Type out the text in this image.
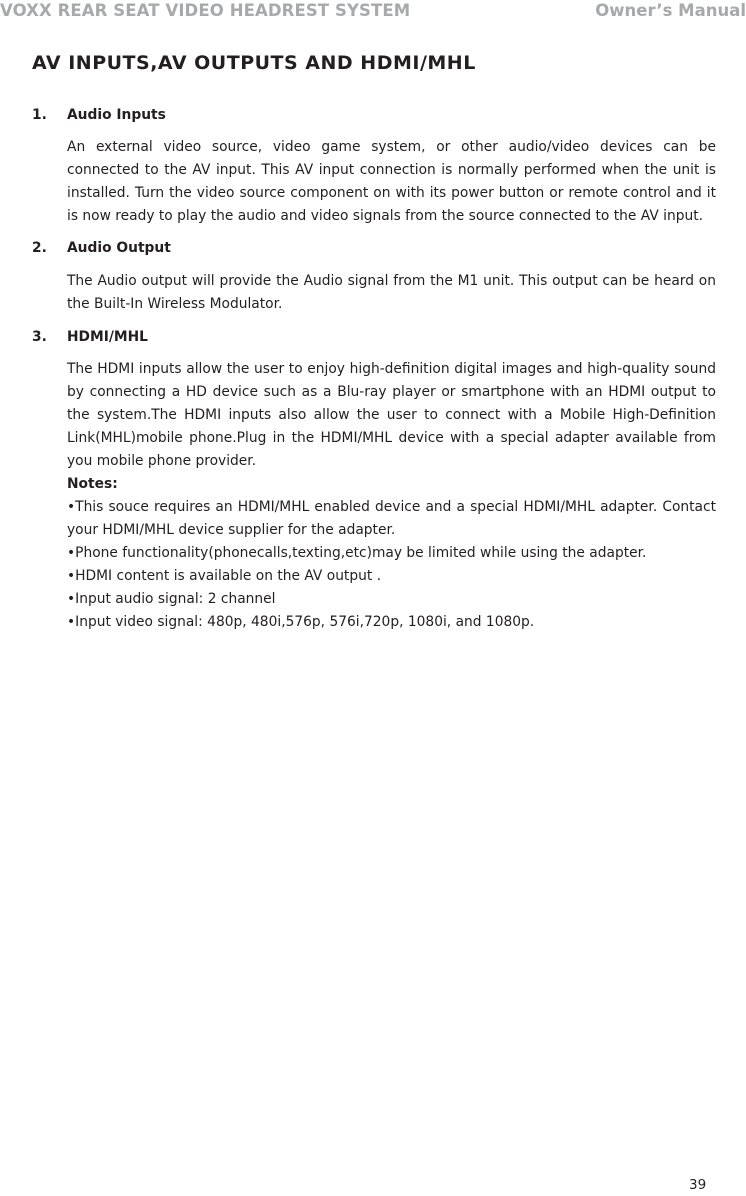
VOXX REAR SEAT VIDEO HEADREST SYSTEM	Owner’s Manual
AV INPUTS,AV OUTPUTS AND HDMI/MHL
1.	Audio Inputs

An external video source, video game system, or other audio/video devices can be connected to the AV input. This AV input connection is normally performed when the unit is installed. Turn the video source component on with its power button or remote control and it is now ready to play the audio and video signals from the source connected to the AV input.

2.	Audio Output

The Audio output will provide the Audio signal from the M1 unit. This output can be heard on the Built-In Wireless Modulator.

3.	HDMI/MHL

The HDMI inputs allow the user to enjoy high-definition digital images and high-quality sound by connecting a HD device such as a Blu-ray player or smartphone with an HDMI output to the system.The HDMI inputs also allow the user to connect with a Mobile High-Definition Link(MHL)mobile phone.Plug in the HDMI/MHL device with a special adapter available from you mobile phone provider.

Notes:

•This souce requires an HDMI/MHL enabled device and a special HDMI/MHL adapter. Contact your HDMI/MHL device supplier for the adapter.

•Phone functionality(phonecalls,texting,etc)may be limited while using the adapter.

•HDMI content is available on the AV output .

•Input audio signal: 2 channel

•Input video signal: 480p, 480i,576p, 576i,720p, 1080i, and 1080p.

39
